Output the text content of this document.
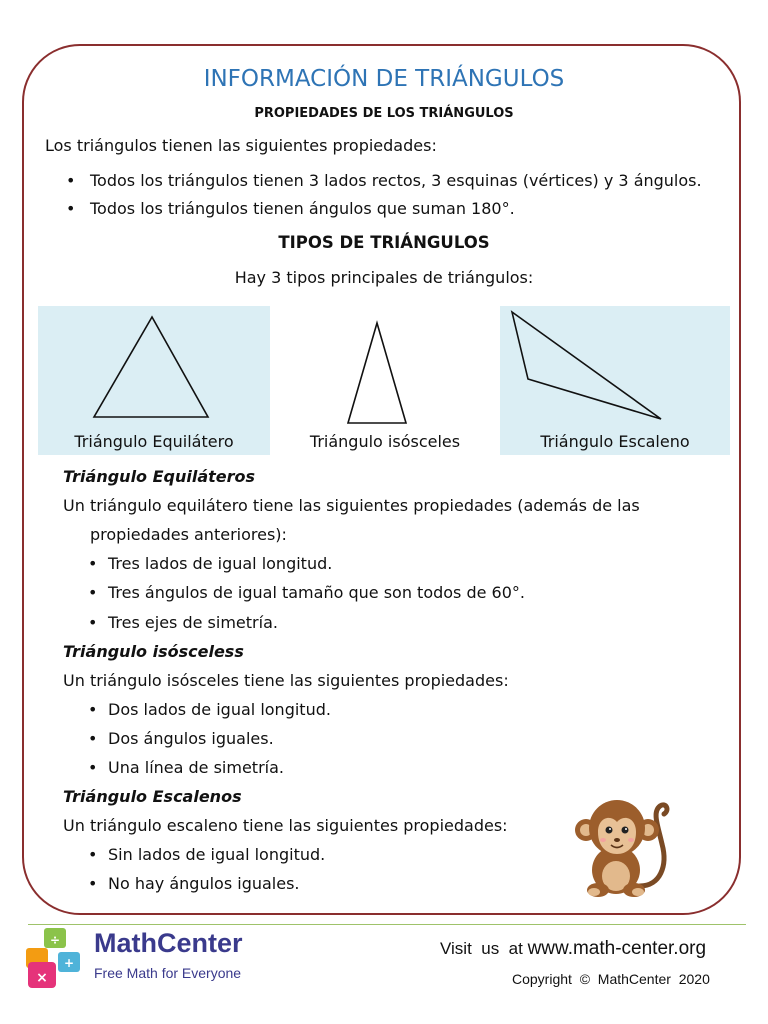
INFORMACIÓN DE TRIÁNGULOS
PROPIEDADES DE LOS TRIÁNGULOS
Los triángulos tienen las siguientes propiedades:
• Todos los triángulos tienen 3 lados rectos, 3 esquinas (vértices) y 3 ángulos.
• Todos los triángulos tienen ángulos que suman 180°.
TIPOS DE TRIÁNGULOS
Hay 3 tipos principales de triángulos:
Triángulo Equilátero	Triángulo isósceles	Triángulo Escaleno
Triángulo Equiláteros
Un triángulo equilátero tiene las siguientes propiedades (además de las
propiedades anteriores):
• Tres lados de igual longitud.
• Tres ángulos de igual tamaño que son todos de 60°.
• Tres ejes de simetría.
Triángulo isósceless
Un triángulo isósceles tiene las siguientes propiedades:
• Dos lados de igual longitud.
• Dos ángulos iguales.
• Una línea de simetría.
Triángulo Escalenos
Un triángulo escaleno tiene las siguientes propiedades:
• Sin lados de igual longitud.
• No hay ángulos iguales.
×
÷
+
MathCenter
Free Math for Everyone
Visit  us  at www.math-center.org
Copyright  ©  MathCenter  2020
